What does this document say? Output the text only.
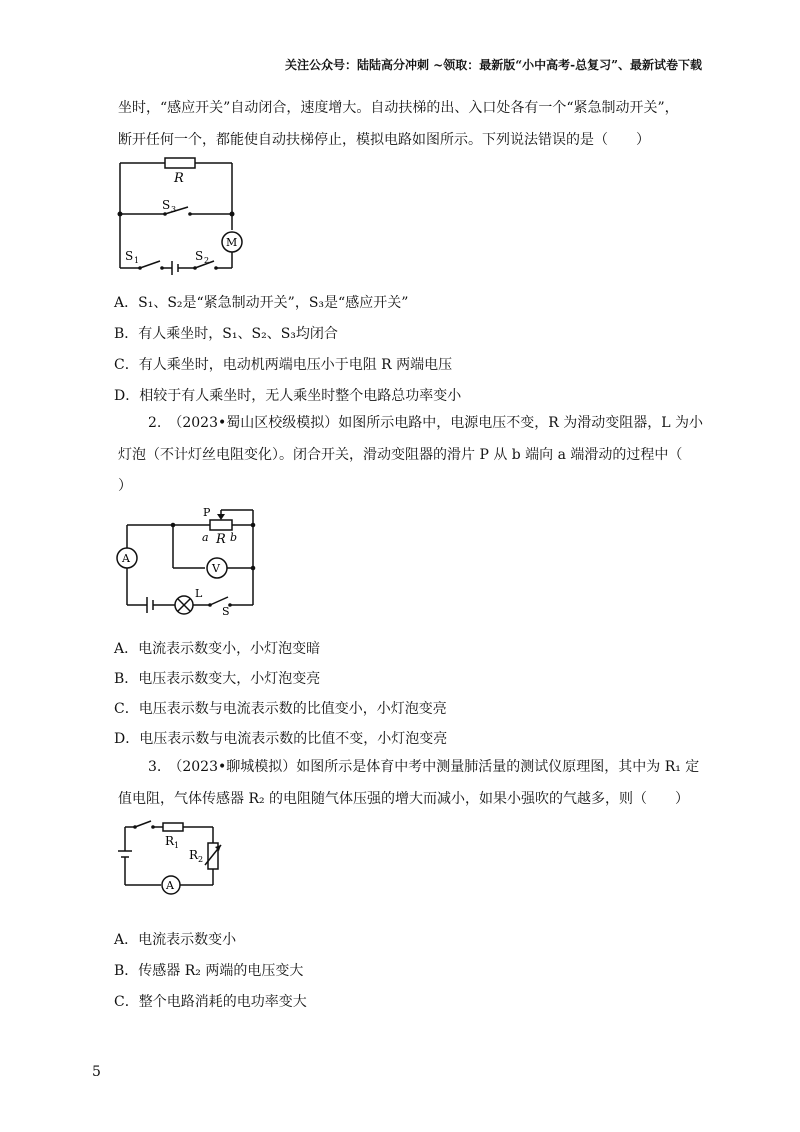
关注公众号：陆陆高分冲刺 ~领取：最新版“小中高考-总复习”、最新试卷下载
坐时，“感应开关”自动闭合，速度增大。自动扶梯的出、入口处各有一个“紧急制动开关”，
断开任何一个，都能使自动扶梯停止，模拟电路如图所示。下列说法错误的是（　　）
R
S 3
S 1	S 2
M
A．S₁、S₂是“紧急制动开关”，S₃是“感应开关”
B．有人乘坐时，S₁、S₂、S₃均闭合
C．有人乘坐时，电动机两端电压小于电阻 R 两端电压
D．相较于有人乘坐时，无人乘坐时整个电路总功率变小
2.　（2023•蜀山区校级模拟）如图所示电路中，电源电压不变，R 为滑动变阻器，L 为小
灯泡（不计灯丝电阻变化）。闭合开关，滑动变阻器的滑片 P 从 b 端向 a 端滑动的过程中（
）
P
a R b
A
V
L
S
A．电流表示数变小，小灯泡变暗
B．电压表示数变大，小灯泡变亮
C．电压表示数与电流表示数的比值变小，小灯泡变亮
D．电压表示数与电流表示数的比值不变，小灯泡变亮
3.　（2023•聊城模拟）如图所示是体育中考中测量肺活量的测试仪原理图，其中为 R₁ 定
值电阻，气体传感器 R₂ 的电阻随气体压强的增大而减小，如果小强吹的气越多，则（　　）
R 1
R 2
A
A．电流表示数变小
B．传感器 R₂ 两端的电压变大
C．整个电路消耗的电功率变大
5
